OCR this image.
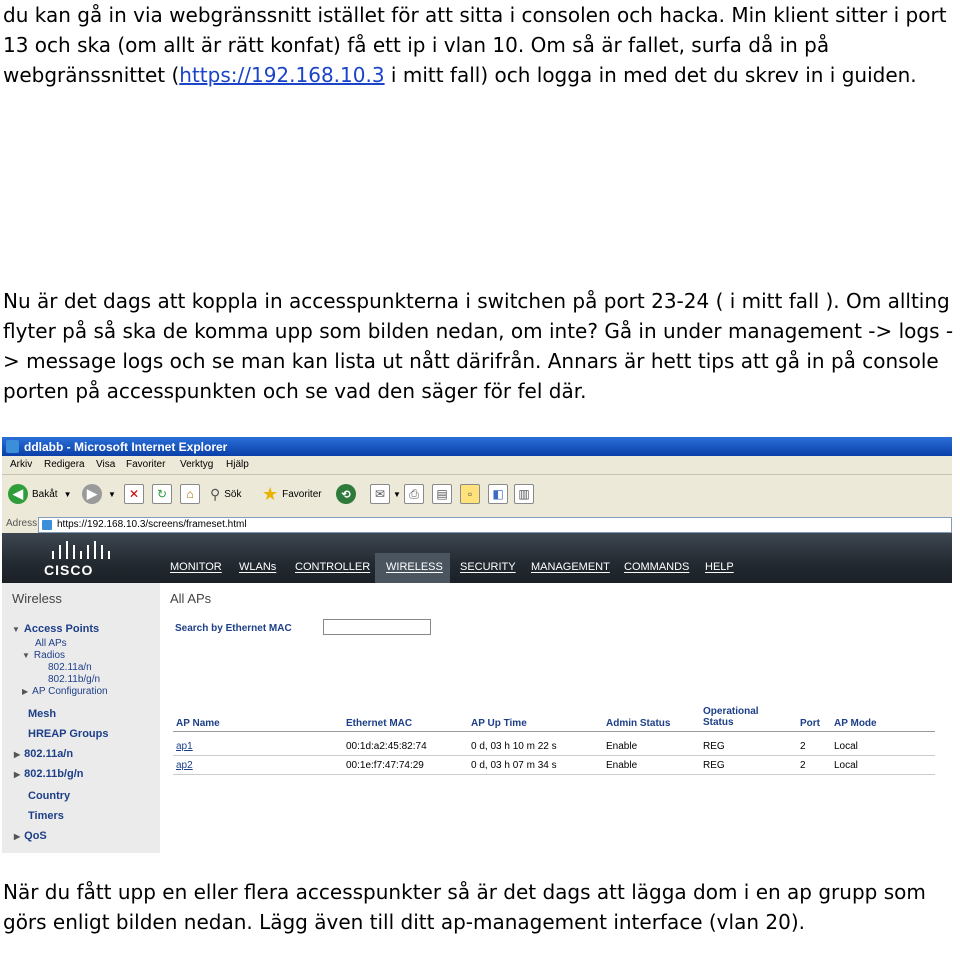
du kan gå in via webgränssnitt istället för att sitta i consolen och hacka. Min klient sitter i port 13 och ska (om allt är rätt konfat) få ett ip i vlan 10. Om så är fallet, surfa då in på webgränssnittet (https://192.168.10.3 i mitt fall) och logga in med det du skrev in i guiden.

Nu är det dags att koppla in accesspunkterna i switchen på port 23-24 ( i mitt fall ). Om allting flyter på så ska de komma upp som bilden nedan, om inte? Gå in under management -> logs -> message logs och se man kan lista ut nått därifrån. Annars är hett tips att gå in på console porten på accesspunkten och se vad den säger för fel där.

ddlabb - Microsoft Internet Explorer
Arkiv Redigera Visa Favoriter Verktyg Hjälp
◀ Bakåt ▼	▶	▼	✕	↻	⌂	⚲ Sök ★ Favoriter	⟲	✉ ▼ ⎙	▤	▫	◧	▥
Adress https://192.168.10.3/screens/frameset.html
CISCO	MONITOR WLANs CONTROLLER WIRELESS SECURITY MANAGEMENT COMMANDS HELP
Wireless
▼ Access Points
All APs
▼ Radios
802.11a/n
802.11b/g/n
▶ AP Configuration
Mesh
HREAP Groups
▶ 802.11a/n
▶ 802.11b/g/n
Country
Timers
▶ QoS
All APs
Search by Ethernet MAC
AP Name	Ethernet MAC	AP Up Time	Admin Status
Operational
Status	Port AP Mode
ap1	00:1d:a2:45:82:74	0 d, 03 h 10 m 22 s	Enable	REG	2	Local
ap2	00:1e:f7:47:74:29	0 d, 03 h 07 m 34 s	Enable	REG	2	Local

När du fått upp en eller flera accesspunkter så är det dags att lägga dom i en ap grupp som görs enligt bilden nedan. Lägg även till ditt ap-management interface (vlan 20).
